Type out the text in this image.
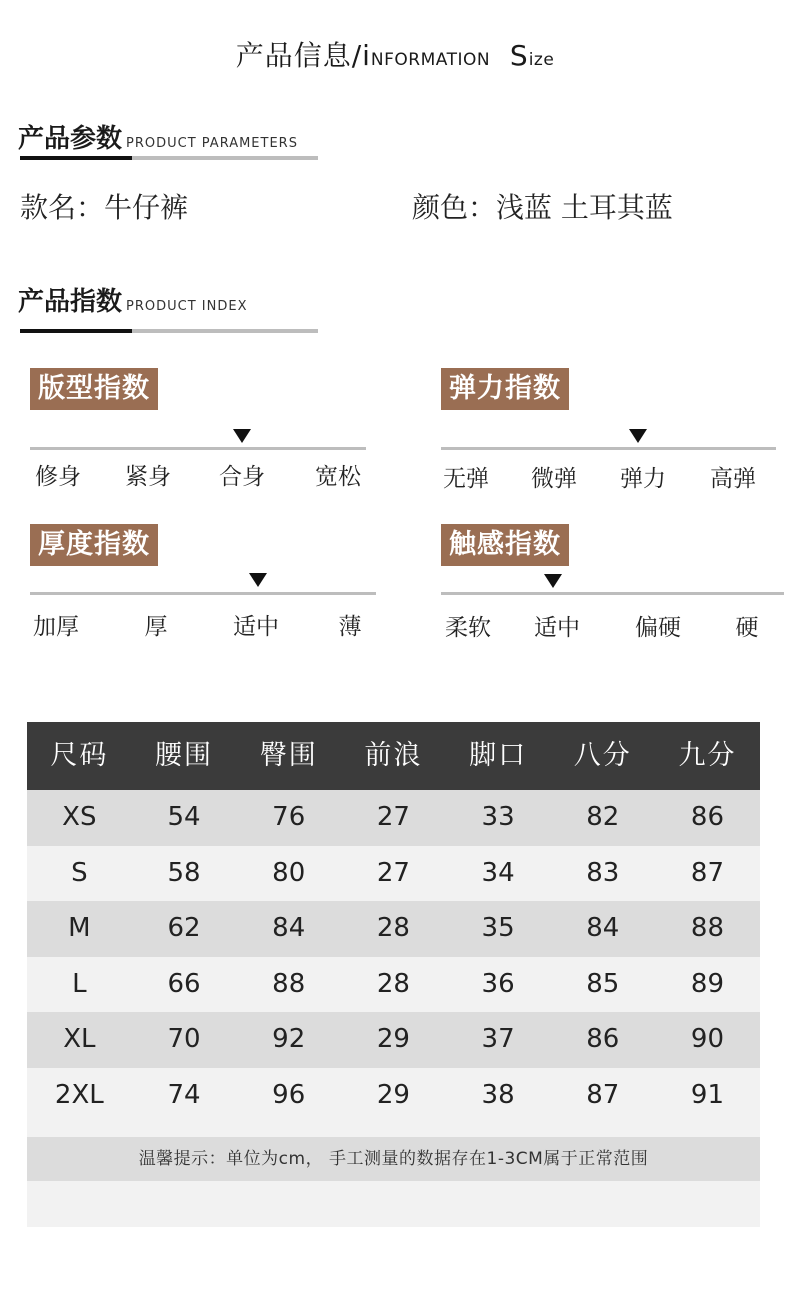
产品信息/iNFORMATION Size
产品参数 PRODUCT PARAMETERS
款名：牛仔裤	颜色：浅蓝 土耳其蓝
产品指数 PRODUCT INDEX
版型指数
修身 紧身 合身 宽松
弹力指数
无弹 微弹 弹力 高弹
厚度指数
加厚	厚	适中	薄
触感指数
柔软 适中 偏硬 硬
尺码	腰围	臀围	前浪	脚口	八分	九分
XS	54	76	27	33	82	86
S	58	80	27	34	83	87
M	62	84	28	35	84	88
L	66	88	28	36	85	89
XL	70	92	29	37	86	90
2XL	74	96	29	38	87	91
温馨提示：单位为cm， 手工测量的数据存在1-3CM属于正常范围
